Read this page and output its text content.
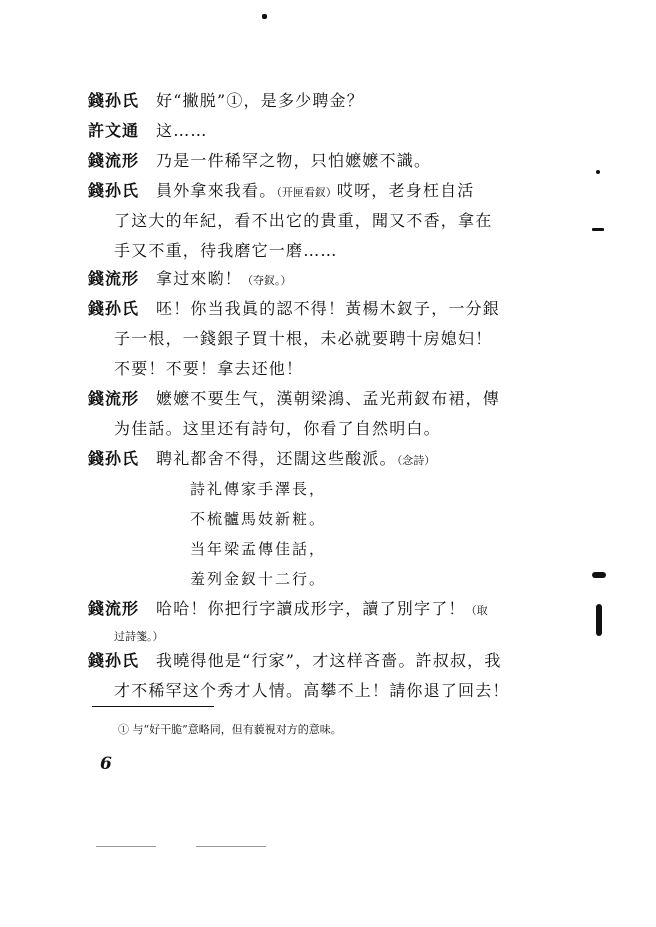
錢孙氏 好“撇脱”①，是多少聘金？
許文通 这……
錢流形 乃是一件稀罕之物，只怕嬷嬷不識。
錢孙氏 員外拿來我看。（开匣看釵）哎呀，老身枉自活
了这大的年紀，看不出它的貴重，聞又不香，拿在
手又不重，待我磨它一磨……
錢流形 拿过來喲！（夺釵。）
錢孙氏 呸！你当我眞的認不得！黃楊木釵子，一分銀
子一根，一錢銀子買十根，未必就要聘十房媳妇！
不要！不要！拿去还他！
錢流形 嬷嬷不要生气，漢朝梁鴻、孟光荊釵布裙，傳
为佳話。这里还有詩句，你看了自然明白。
錢孙氏 聘礼都舍不得，还闊这些酸派。（念詩）
詩礼傳家手澤長，
不梳髗馬妓新粧。
当年梁孟傳佳話，
羞列金釵十二行。
錢流形 哈哈！你把行字讀成形字，讀了別字了！（取
过詩箋。）
錢孙氏 我曉得他是“行家”，才这样吝嗇。許叔叔，我
才不稀罕这个秀才人情。高攀不上！請你退了回去！
① 与“好干脆”意略同，但有藐視对方的意味。
6
